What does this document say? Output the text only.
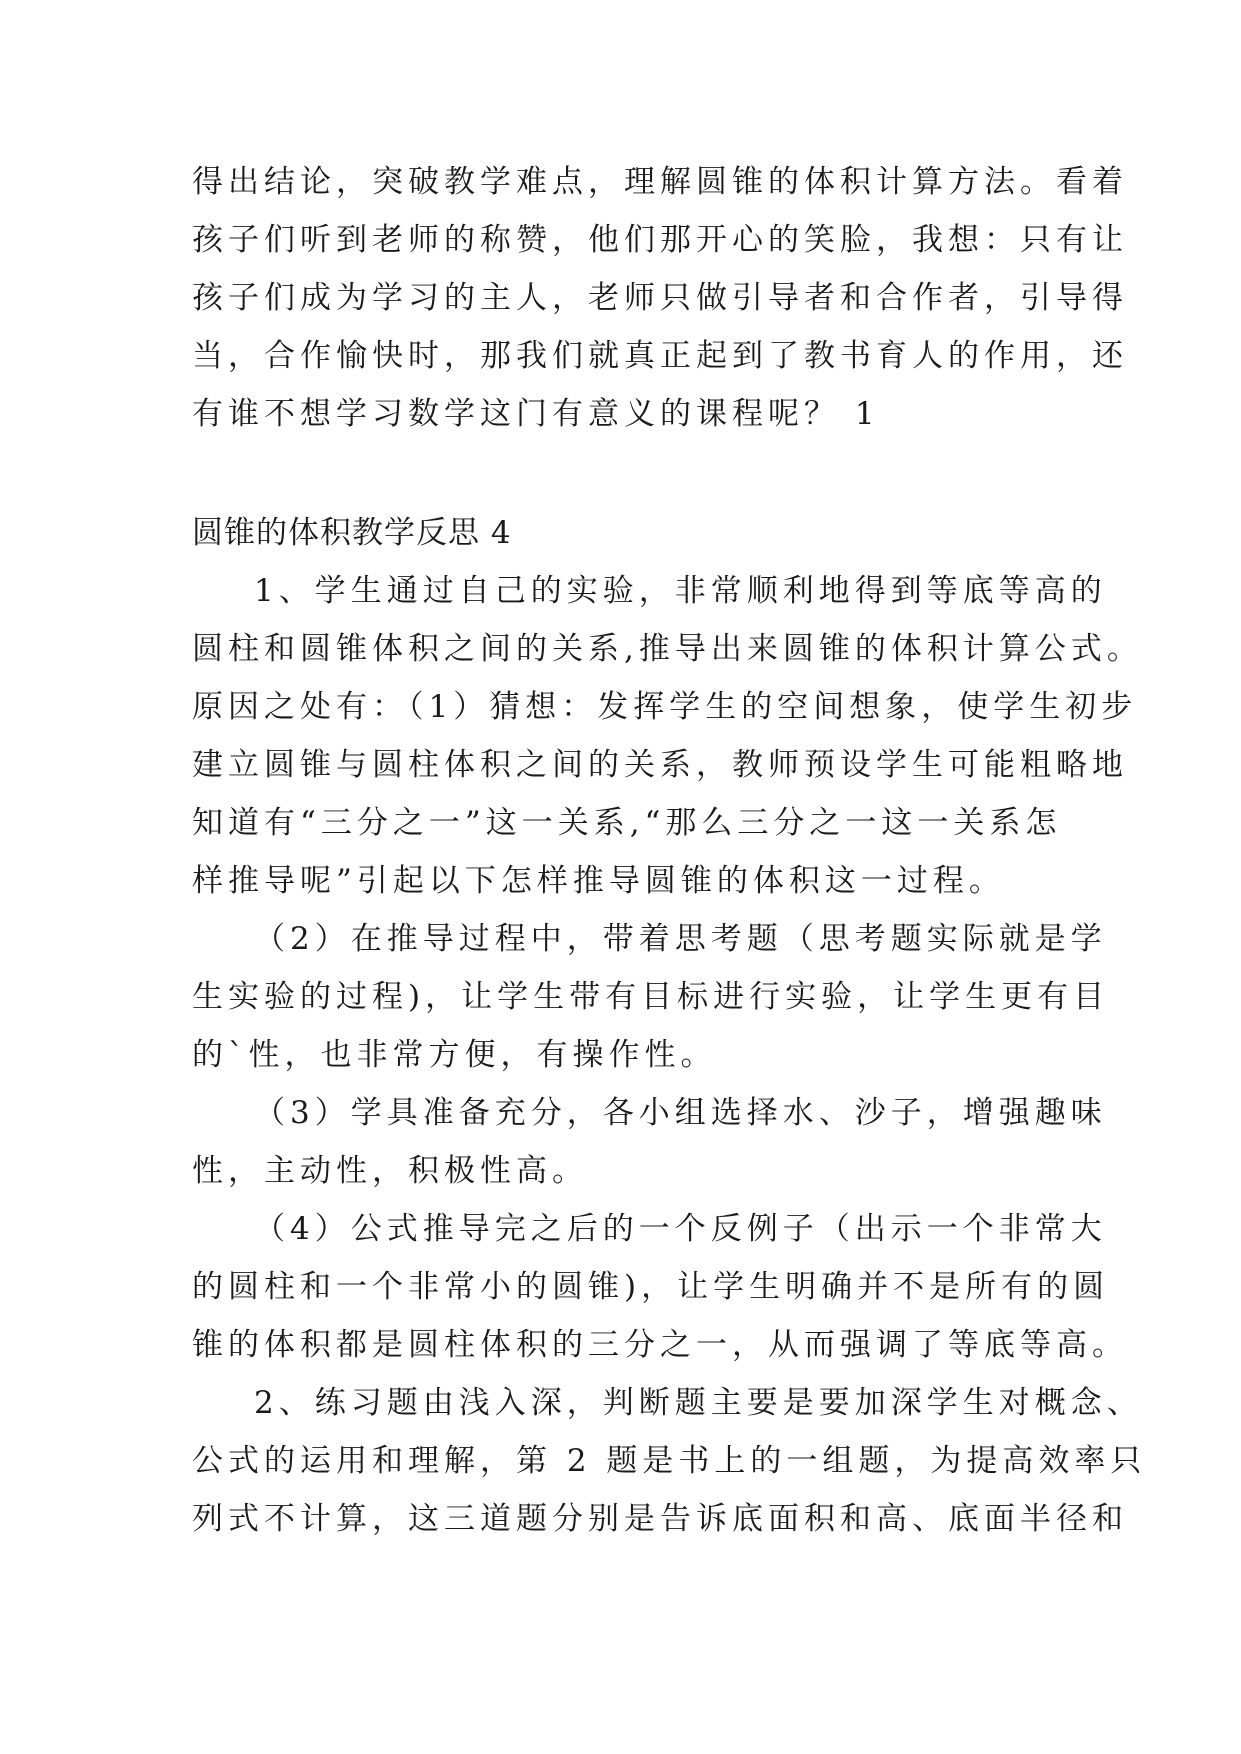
得出结论，突破教学难点，理解圆锥的体积计算方法。看着
孩子们听到老师的称赞，他们那开心的笑脸，我想：只有让
孩子们成为学习的主人，老师只做引导者和合作者，引导得
当，合作愉快时，那我们就真正起到了教书育人的作用，还
有谁不想学习数学这门有意义的课程呢？ 1
圆锥的体积教学反思 4
1、学生通过自己的实验，非常顺利地得到等底等高的
圆柱和圆锥体积之间的关系,推导出来圆锥的体积计算公式。
原因之处有：（1）猜想：发挥学生的空间想象，使学生初步
建立圆锥与圆柱体积之间的关系，教师预设学生可能粗略地
知道有“三分之一”这一关系,“那么三分之一这一关系怎
样推导呢”引起以下怎样推导圆锥的体积这一过程。
（2）在推导过程中，带着思考题（思考题实际就是学
生实验的过程)，让学生带有目标进行实验，让学生更有目
的`性，也非常方便，有操作性。
（3）学具准备充分，各小组选择水、沙子，增强趣味
性，主动性，积极性高。
（4）公式推导完之后的一个反例子（出示一个非常大
的圆柱和一个非常小的圆锥)，让学生明确并不是所有的圆
锥的体积都是圆柱体积的三分之一，从而强调了等底等高。
2、练习题由浅入深，判断题主要是要加深学生对概念、
公式的运用和理解，第 2 题是书上的一组题，为提高效率只
列式不计算，这三道题分别是告诉底面积和高、底面半径和
